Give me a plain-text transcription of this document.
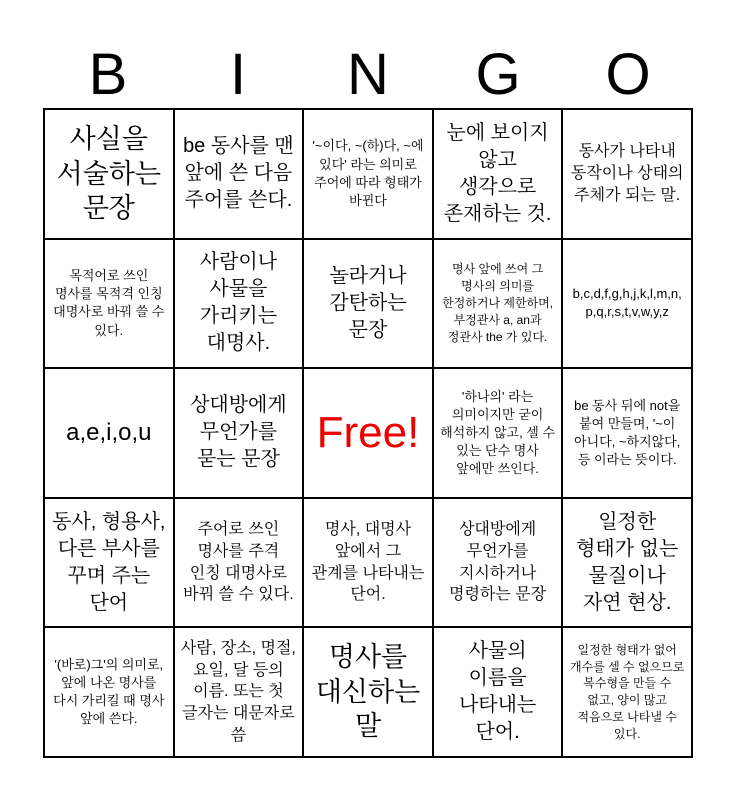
B	I	N	G	O
사실을 서술하는 문장
be 동사를 맨 앞에 쓴 다음 주어를 쓴다.
'~이다, ~(하)다, ~에 있다' 라는 의미로 주어에 따라 형태가 바뀐다
눈에 보이지 않고 생각으로 존재하는 것.
동사가 나타내 동작이나 상태의 주체가 되는 말.
목적어로 쓰인 명사를 목적격 인칭 대명사로 바꿔 쓸 수 있다.
사람이나 사물을 가리키는 대명사.
놀라거나 감탄하는 문장
명사 앞에 쓰여 그 명사의 의미를 한정하거나 제한하며, 부정관사 a, an과 정관사 the 가 있다.
b,c,d,f,g,h,j,k,l,m,n,p,q,r,s,t,v,w,y,z
a,e,i,o,u
상대방에게 무언가를 묻는 문장
Free!
'하나의' 라는 의미이지만 굳이 해석하지 않고, 셀 수 있는 단수 명사 앞에만 쓰인다.
be 동사 뒤에 not을 붙여 만들며, '~이 아니다, ~하지않다, 등 이라는 뜻이다.
동사, 형용사, 다른 부사를 꾸며 주는 단어
주어로 쓰인 명사를 주격 인칭 대명사로 바꿔 쓸 수 있다.
명사, 대명사 앞에서 그 관계를 나타내는 단어.
상대방에게 무언가를 지시하거나 명령하는 문장
일정한 형태가 없는 물질이나 자연 현상.
'(바로)그'의 의미로, 앞에 나온 명사를 다시 가리킬 때 명사 앞에 쓴다.
사람, 장소, 명절, 요일, 달 등의 이름. 또는 첫 글자는 대문자로 씀
명사를 대신하는 말
사물의 이름을 나타내는 단어.
일정한 형태가 없어 개수를 셀 수 없으므로 복수형을 만들 수 없고, 양이 많고 적음으로 나타낼 수 있다.
